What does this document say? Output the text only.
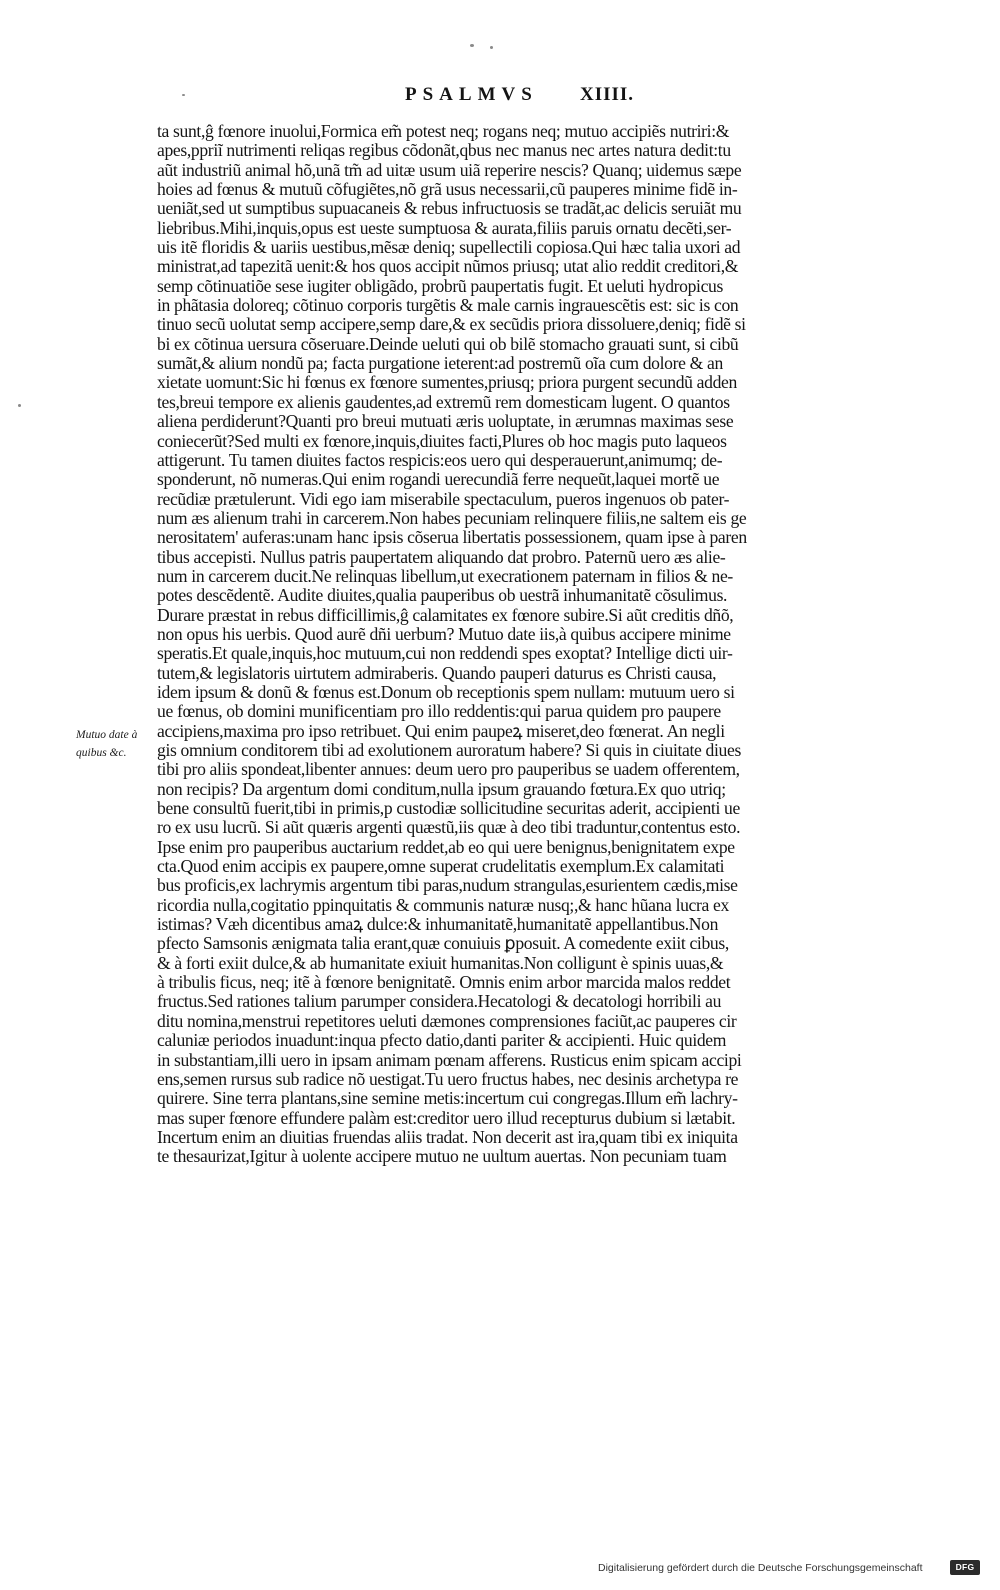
PSALMVS XIIII.
Mutuo date à
quibus &c.
ta sunt,ĝ fœnore inuolui,Formica em̃ potest neq; rogans neq; mutuo accipiẽs nutriri:&
apes,ppriĩ nutrimenti reliqas regibus cõdonãt,qbus nec manus nec artes natura dedit:tu
aũt industriũ animal hõ,unã tm̃ ad uitæ usum uiã reperire nescis? Quanq; uidemus sæpe
hoies ad fœnus & mutuũ cõfugiẽtes,nõ grã usus necessarii,cũ pauperes minime fidẽ in-
ueniãt,sed ut sumptibus supuacaneis & rebus infructuosis se tradãt,ac delicis seruiãt mu
liebribus.Mihi,inquis,opus est ueste sumptuosa & aurata,filiis paruis ornatu decẽti,ser-
uis itẽ floridis & uariis uestibus,mẽsæ deniq; supellectili copiosa.Qui hæc talia uxori ad
ministrat,ad tapezitã uenit:& hos quos accipit nũmos priusq; utat alio reddit creditori,&
semp cõtinuatiõe sese iugiter obligãdo, probrũ paupertatis fugit. Et ueluti hydropicus
in phãtasia doloreq; cõtinuo corporis turgẽtis & male carnis ingrauescẽtis est: sic is con
tinuo secũ uolutat semp accipere,semp dare,& ex secũdis priora dissoluere,deniq; fidẽ si
bi ex cõtinua uersura cõseruare.Deinde ueluti qui ob bilẽ stomacho grauati sunt, si cibũ
sumãt,& alium nondũ pa; facta purgatione ieterent:ad postremũ oĩa cum dolore & an
xietate uomunt:Sic hi fœnus ex fœnore sumentes,priusq; priora purgent secundũ adden
tes,breui tempore ex alienis gaudentes,ad extremũ rem domesticam lugent. O quantos
aliena perdiderunt?Quanti pro breui mutuati æris uoluptate, in ærumnas maximas sese
coniecerũt?Sed multi ex fœnore,inquis,diuites facti,Plures ob hoc magis puto laqueos
attigerunt. Tu tamen diuites factos respicis:eos uero qui desperauerunt,animumq; de-
sponderunt, nõ numeras.Qui enim rogandi uerecundiã ferre nequeũt,laquei mortẽ ue
recũdiæ prætulerunt. Vidi ego iam miserabile spectaculum, pueros ingenuos ob pater-
num æs alienum trahi in carcerem.Non habes pecuniam relinquere filiis,ne saltem eis ge
nerositatem' auferas:unam hanc ipsis cõserua libertatis possessionem, quam ipse à paren
tibus accepisti. Nullus patris paupertatem aliquando dat probro. Paternũ uero æs alie-
num in carcerem ducit.Ne relinquas libellum,ut execrationem paternam in filios & ne-
potes descẽdentẽ. Audite diuites,qualia pauperibus ob uestrã inhumanitatẽ cõsulimus.
Durare præstat in rebus difficillimis,ĝ calamitates ex fœnore subire.Si aũt creditis dñõ,
non opus his uerbis. Quod aurẽ dñi uerbum? Mutuo date iis,à quibus accipere minime
speratis.Et quale,inquis,hoc mutuum,cui non reddendi spes exoptat? Intellige dicti uir-
tutem,& legislatoris uirtutem admiraberis. Quando pauperi daturus es Christi causa,
idem ipsum & donũ & fœnus est.Donum ob receptionis spem nullam: mutuum uero si
ue fœnus, ob domini munificentiam pro illo reddentis:qui parua quidem pro paupere
accipiens,maxima pro ipso retribuet. Qui enim paupeꝝ miseret,deo fœnerat. An negli
gis omnium conditorem tibi ad exolutionem auroratum habere? Si quis in ciuitate diues
tibi pro aliis spondeat,libenter annues: deum uero pro pauperibus se uadem offerentem,
non recipis? Da argentum domi conditum,nulla ipsum grauando fœtura.Ex quo utriq;
bene consultũ fuerit,tibi in primis,p custodiæ sollicitudine securitas aderit, accipienti ue
ro ex usu lucrũ. Si aũt quæris argenti quæstũ,iis quæ à deo tibi traduntur,contentus esto.
Ipse enim pro pauperibus auctarium reddet,ab eo qui uere benignus,benignitatem expe
cta.Quod enim accipis ex paupere,omne superat crudelitatis exemplum.Ex calamitati
bus proficis,ex lachrymis argentum tibi paras,nudum strangulas,esurientem cædis,mise
ricordia nulla,cogitatio ppinquitatis & communis naturæ nusq;,& hanc hũana lucra ex
istimas? Væh dicentibus amaꝝ dulce:& inhumanitatẽ,humanitatẽ appellantibus.Non
pfecto Samsonis ænigmata talia erant,quæ conuiuis ꝑposuit. A comedente exiit cibus,
& à forti exiit dulce,& ab humanitate exiuit humanitas.Non colligunt è spinis uuas,&
à tribulis ficus, neq; itẽ à fœnore benignitatẽ. Omnis enim arbor marcida malos reddet
fructus.Sed rationes talium parumper considera.Hecatologi & decatologi horribili au
ditu nomina,menstrui repetitores ueluti dæmones comprensiones faciũt,ac pauperes cir
caluniæ periodos inuadunt:inqua pfecto datio,danti pariter & accipienti. Huic quidem
in substantiam,illi uero in ipsam animam pœnam afferens. Rusticus enim spicam accipi
ens,semen rursus sub radice nõ uestigat.Tu uero fructus habes, nec desinis archetypa re
quirere. Sine terra plantans,sine semine metis:incertum cui congregas.Illum em̃ lachry-
mas super fœnore effundere palàm est:creditor uero illud recepturus dubium si lætabit.
Incertum enim an diuitias fruendas aliis tradat. Non decerit ast ira,quam tibi ex iniquita
te thesaurizat,Igitur à uolente accipere mutuo ne uultum auertas. Non pecuniam tuam
Digitalisierung gefördert durch die Deutsche Forschungsgemeinschaft	DFG
